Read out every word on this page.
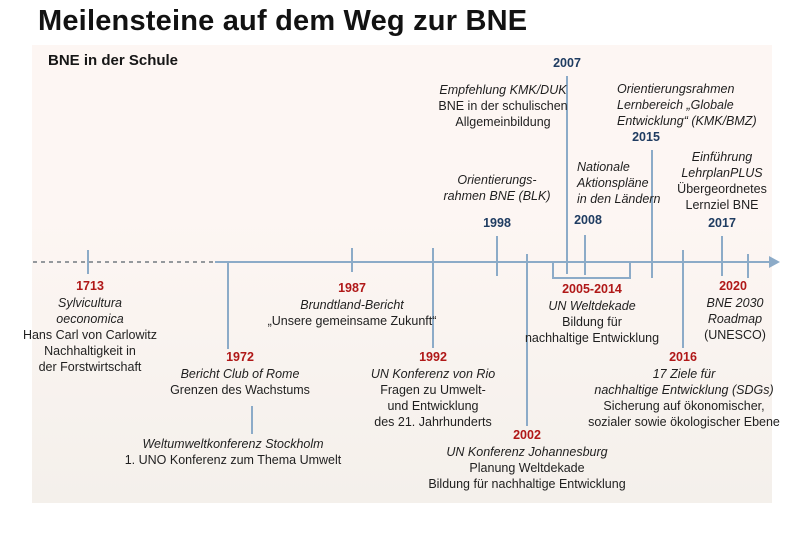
Meilensteine auf dem Weg zur BNE
BNE in der Schule	2007
2015
1998	2008	2017
1713	1987
1972	1992
2002
2005-2014
2016
2020
Empfehlung KMK/DUK
BNE in der schulischen
Allgemeinbildung
Orientierungsrahmen
Lernbereich „Globale
Entwicklung“ (KMK/BMZ)
Nationale
Aktionspläne
in den Ländern
Orientierungs-
rahmen BNE (BLK)
Einführung
LehrplanPLUS
Übergeordnetes
Lernziel BNE
Sylvicultura
oeconomica
Hans Carl von Carlowitz
Nachhaltigkeit in
der Forstwirtschaft
Brundtland-Bericht
„Unsere gemeinsame Zukunft“
Bericht Club of Rome
Grenzen des Wachstums
Weltumweltkonferenz Stockholm
1. UNO Konferenz zum Thema Umwelt
UN Konferenz von Rio
Fragen zu Umwelt-
und Entwicklung
des 21. Jahrhunderts
UN Konferenz Johannesburg
Planung Weltdekade
Bildung für nachhaltige Entwicklung
UN Weltdekade
Bildung für
nachhaltige Entwicklung
17 Ziele für
nachhaltige Entwicklung (SDGs)
Sicherung auf ökonomischer,
sozialer sowie ökologischer Ebene
BNE 2030
Roadmap
(UNESCO)
